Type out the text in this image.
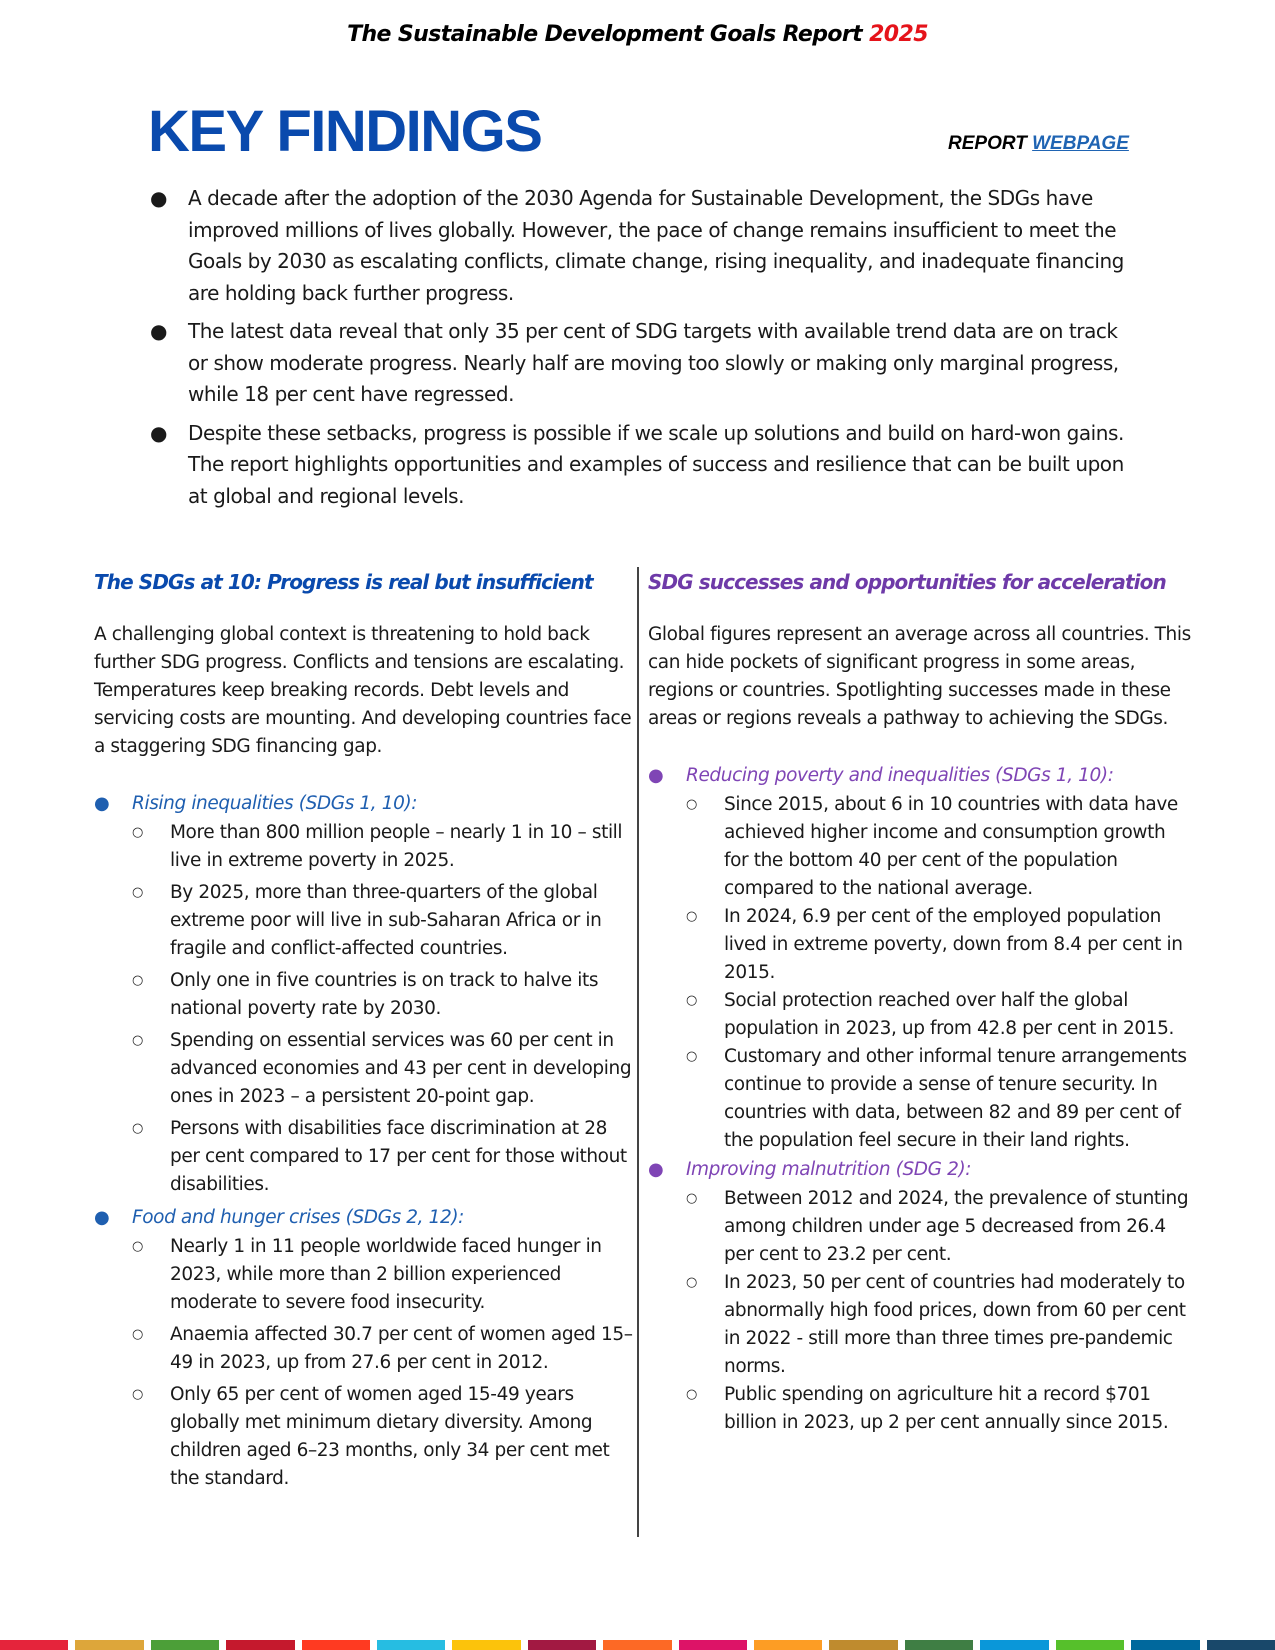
The Sustainable Development Goals Report 2025
KEY FINDINGS	REPORT WEBPAGE
● A decade after the adoption of the 2030 Agenda for Sustainable Development, the SDGs have improved millions of lives globally. However, the pace of change remains insufficient to meet the Goals by 2030 as escalating conflicts, climate change, rising inequality, and inadequate financing are holding back further progress.
● The latest data reveal that only 35 per cent of SDG targets with available trend data are on track or show moderate progress. Nearly half are moving too slowly or making only marginal progress, while 18 per cent have regressed.
● Despite these setbacks, progress is possible if we scale up solutions and build on hard-won gains. The report highlights opportunities and examples of success and resilience that can be built upon at global and regional levels.
The SDGs at 10: Progress is real but insufficient

A challenging global context is threatening to hold back further SDG progress. Conflicts and tensions are escalating. Temperatures keep breaking records. Debt levels and servicing costs are mounting. And developing countries face a staggering SDG financing gap.

● Rising inequalities (SDGs 1, 10):
○ More than 800 million people – nearly 1 in 10 – still live in extreme poverty in 2025.
○ By 2025, more than three-quarters of the global extreme poor will live in sub-Saharan Africa or in fragile and conflict-affected countries.
○ Only one in five countries is on track to halve its national poverty rate by 2030.
○ Spending on essential services was 60 per cent in advanced economies and 43 per cent in developing ones in 2023 – a persistent 20-point gap.
○ Persons with disabilities face discrimination at 28 per cent compared to 17 per cent for those without disabilities.
● Food and hunger crises (SDGs 2, 12):
○ Nearly 1 in 11 people worldwide faced hunger in 2023, while more than 2 billion experienced moderate to severe food insecurity.
○ Anaemia affected 30.7 per cent of women aged 15–49 in 2023, up from 27.6 per cent in 2012.
○ Only 65 per cent of women aged 15-49 years globally met minimum dietary diversity. Among children aged 6–23 months, only 34 per cent met the standard.
SDG successes and opportunities for acceleration

Global figures represent an average across all countries. This can hide pockets of significant progress in some areas, regions or countries. Spotlighting successes made in these areas or regions reveals a pathway to achieving the SDGs.

● Reducing poverty and inequalities (SDGs 1, 10):
○ Since 2015, about 6 in 10 countries with data have achieved higher income and consumption growth for the bottom 40 per cent of the population compared to the national average.
○ In 2024, 6.9 per cent of the employed population lived in extreme poverty, down from 8.4 per cent in 2015.
○ Social protection reached over half the global population in 2023, up from 42.8 per cent in 2015.
○ Customary and other informal tenure arrangements continue to provide a sense of tenure security. In countries with data, between 82 and 89 per cent of the population feel secure in their land rights.
● Improving malnutrition (SDG 2):
○ Between 2012 and 2024, the prevalence of stunting among children under age 5 decreased from 26.4 per cent to 23.2 per cent.
○ In 2023, 50 per cent of countries had moderately to abnormally high food prices, down from 60 per cent in 2022 - still more than three times pre-pandemic norms.
○ Public spending on agriculture hit a record $701 billion in 2023, up 2 per cent annually since 2015.
